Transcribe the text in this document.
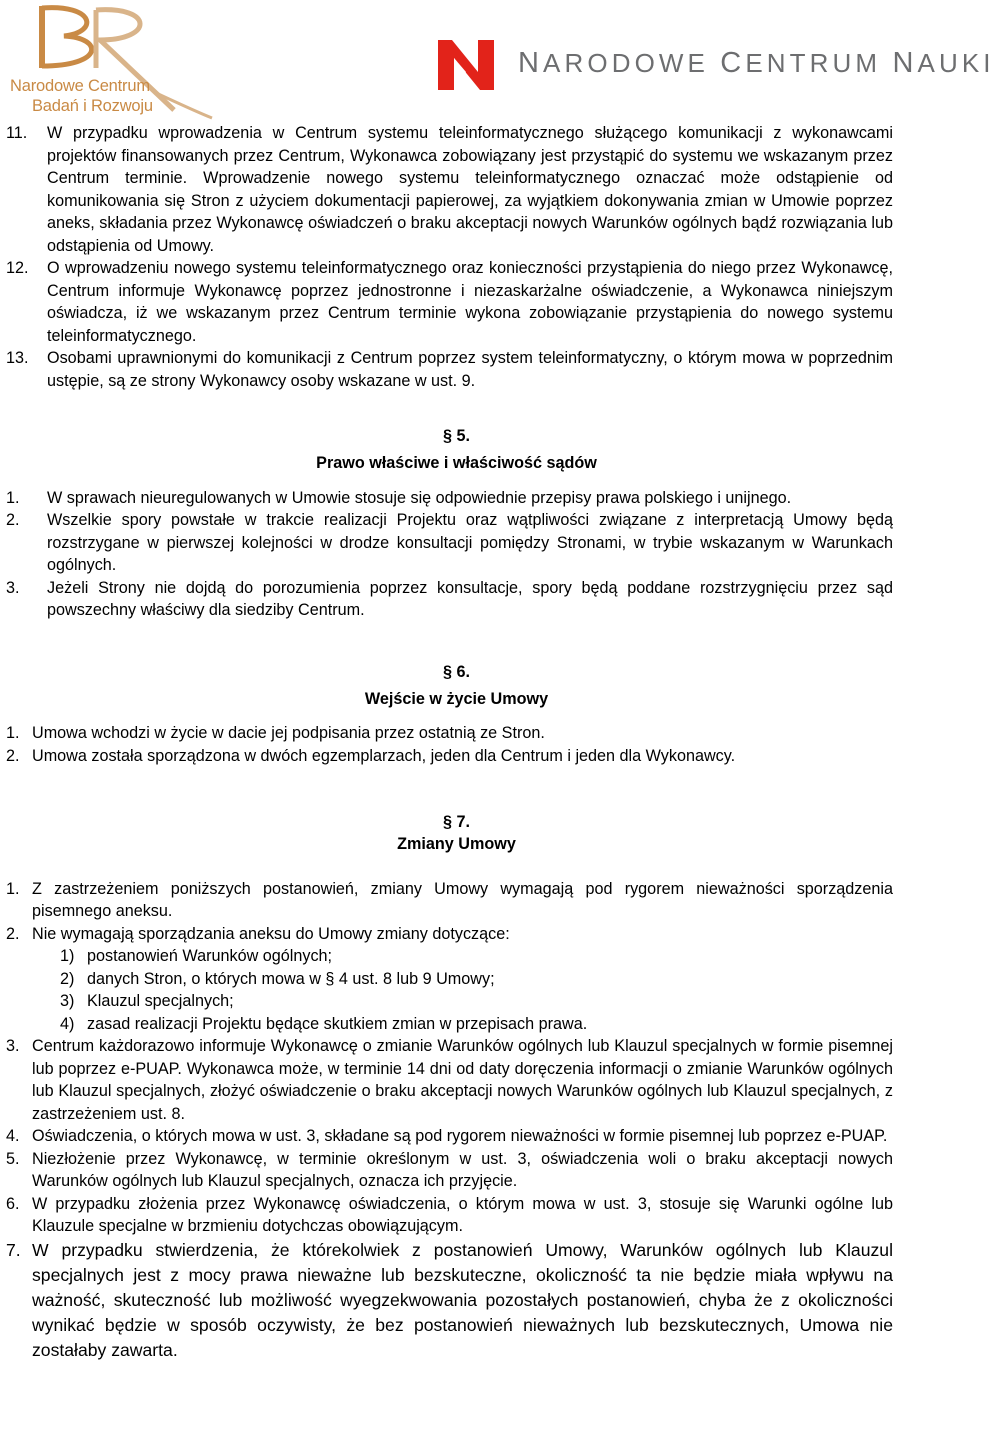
Narodowe Centrum
Badań i Rozwoju
NARODOWE CENTRUM NAUKI
11. W przypadku wprowadzenia w Centrum systemu teleinformatycznego służącego komunikacji z wykonawcami projektów finansowanych przez Centrum, Wykonawca zobowiązany jest przystąpić do systemu we wskazanym przez Centrum terminie. Wprowadzenie nowego systemu teleinformatycznego oznaczać może odstąpienie od komunikowania się Stron z użyciem dokumentacji papierowej, za wyjątkiem dokonywania zmian w Umowie poprzez aneks, składania przez Wykonawcę oświadczeń o braku akceptacji nowych Warunków ogólnych bądź rozwiązania lub odstąpienia od Umowy.
12. O wprowadzeniu nowego systemu teleinformatycznego oraz konieczności przystąpienia do niego przez Wykonawcę, Centrum informuje Wykonawcę poprzez jednostronne i niezaskarżalne oświadczenie, a Wykonawca niniejszym oświadcza, iż we wskazanym przez Centrum terminie wykona zobowiązanie przystąpienia do nowego systemu teleinformatycznego.
13. Osobami uprawnionymi do komunikacji z Centrum poprzez system teleinformatyczny, o którym mowa w poprzednim ustępie, są ze strony Wykonawcy osoby wskazane w ust. 9.
§ 5.
Prawo właściwe i właściwość sądów
1. W sprawach nieuregulowanych w Umowie stosuje się odpowiednie przepisy prawa polskiego i unijnego.
2. Wszelkie spory powstałe w trakcie realizacji Projektu oraz wątpliwości związane z interpretacją Umowy będą rozstrzygane w pierwszej kolejności w drodze konsultacji pomiędzy Stronami, w trybie wskazanym w Warunkach ogólnych.
3. Jeżeli Strony nie dojdą do porozumienia poprzez konsultacje, spory będą poddane rozstrzygnięciu przez sąd powszechny właściwy dla siedziby Centrum.
§ 6.
Wejście w życie Umowy
1. Umowa wchodzi w życie w dacie jej podpisania przez ostatnią ze Stron.
2. Umowa została sporządzona w dwóch egzemplarzach, jeden dla Centrum i jeden dla Wykonawcy.
§ 7.
Zmiany Umowy
1. Z zastrzeżeniem poniższych postanowień, zmiany Umowy wymagają pod rygorem nieważności sporządzenia pisemnego aneksu.
2. Nie wymagają sporządzania aneksu do Umowy zmiany dotyczące:
1) postanowień Warunków ogólnych;
2) danych Stron, o których mowa w § 4 ust. 8 lub 9 Umowy;
3) Klauzul specjalnych;
4) zasad realizacji Projektu będące skutkiem zmian w przepisach prawa.
3. Centrum każdorazowo informuje Wykonawcę o zmianie Warunków ogólnych lub Klauzul specjalnych w formie pisemnej lub poprzez e-PUAP. Wykonawca może, w terminie 14 dni od daty doręczenia informacji o zmianie Warunków ogólnych lub Klauzul specjalnych, złożyć oświadczenie o braku akceptacji nowych Warunków ogólnych lub Klauzul specjalnych, z zastrzeżeniem ust. 8.
4. Oświadczenia, o których mowa w ust. 3, składane są pod rygorem nieważności w formie pisemnej lub poprzez e-PUAP.
5. Niezłożenie przez Wykonawcę, w terminie określonym w ust. 3, oświadczenia woli o braku akceptacji nowych Warunków ogólnych lub Klauzul specjalnych, oznacza ich przyjęcie.
6. W przypadku złożenia przez Wykonawcę oświadczenia, o którym mowa w ust. 3, stosuje się Warunki ogólne lub Klauzule specjalne w brzmieniu dotychczas obowiązującym.
7. W przypadku stwierdzenia, że którekolwiek z postanowień Umowy, Warunków ogólnych lub Klauzul specjalnych jest z mocy prawa nieważne lub bezskuteczne, okoliczność ta nie będzie miała wpływu na ważność, skuteczność lub możliwość wyegzekwowania pozostałych postanowień, chyba że z okoliczności wynikać będzie w sposób oczywisty, że bez postanowień nieważnych lub bezskutecznych, Umowa nie zostałaby zawarta.
